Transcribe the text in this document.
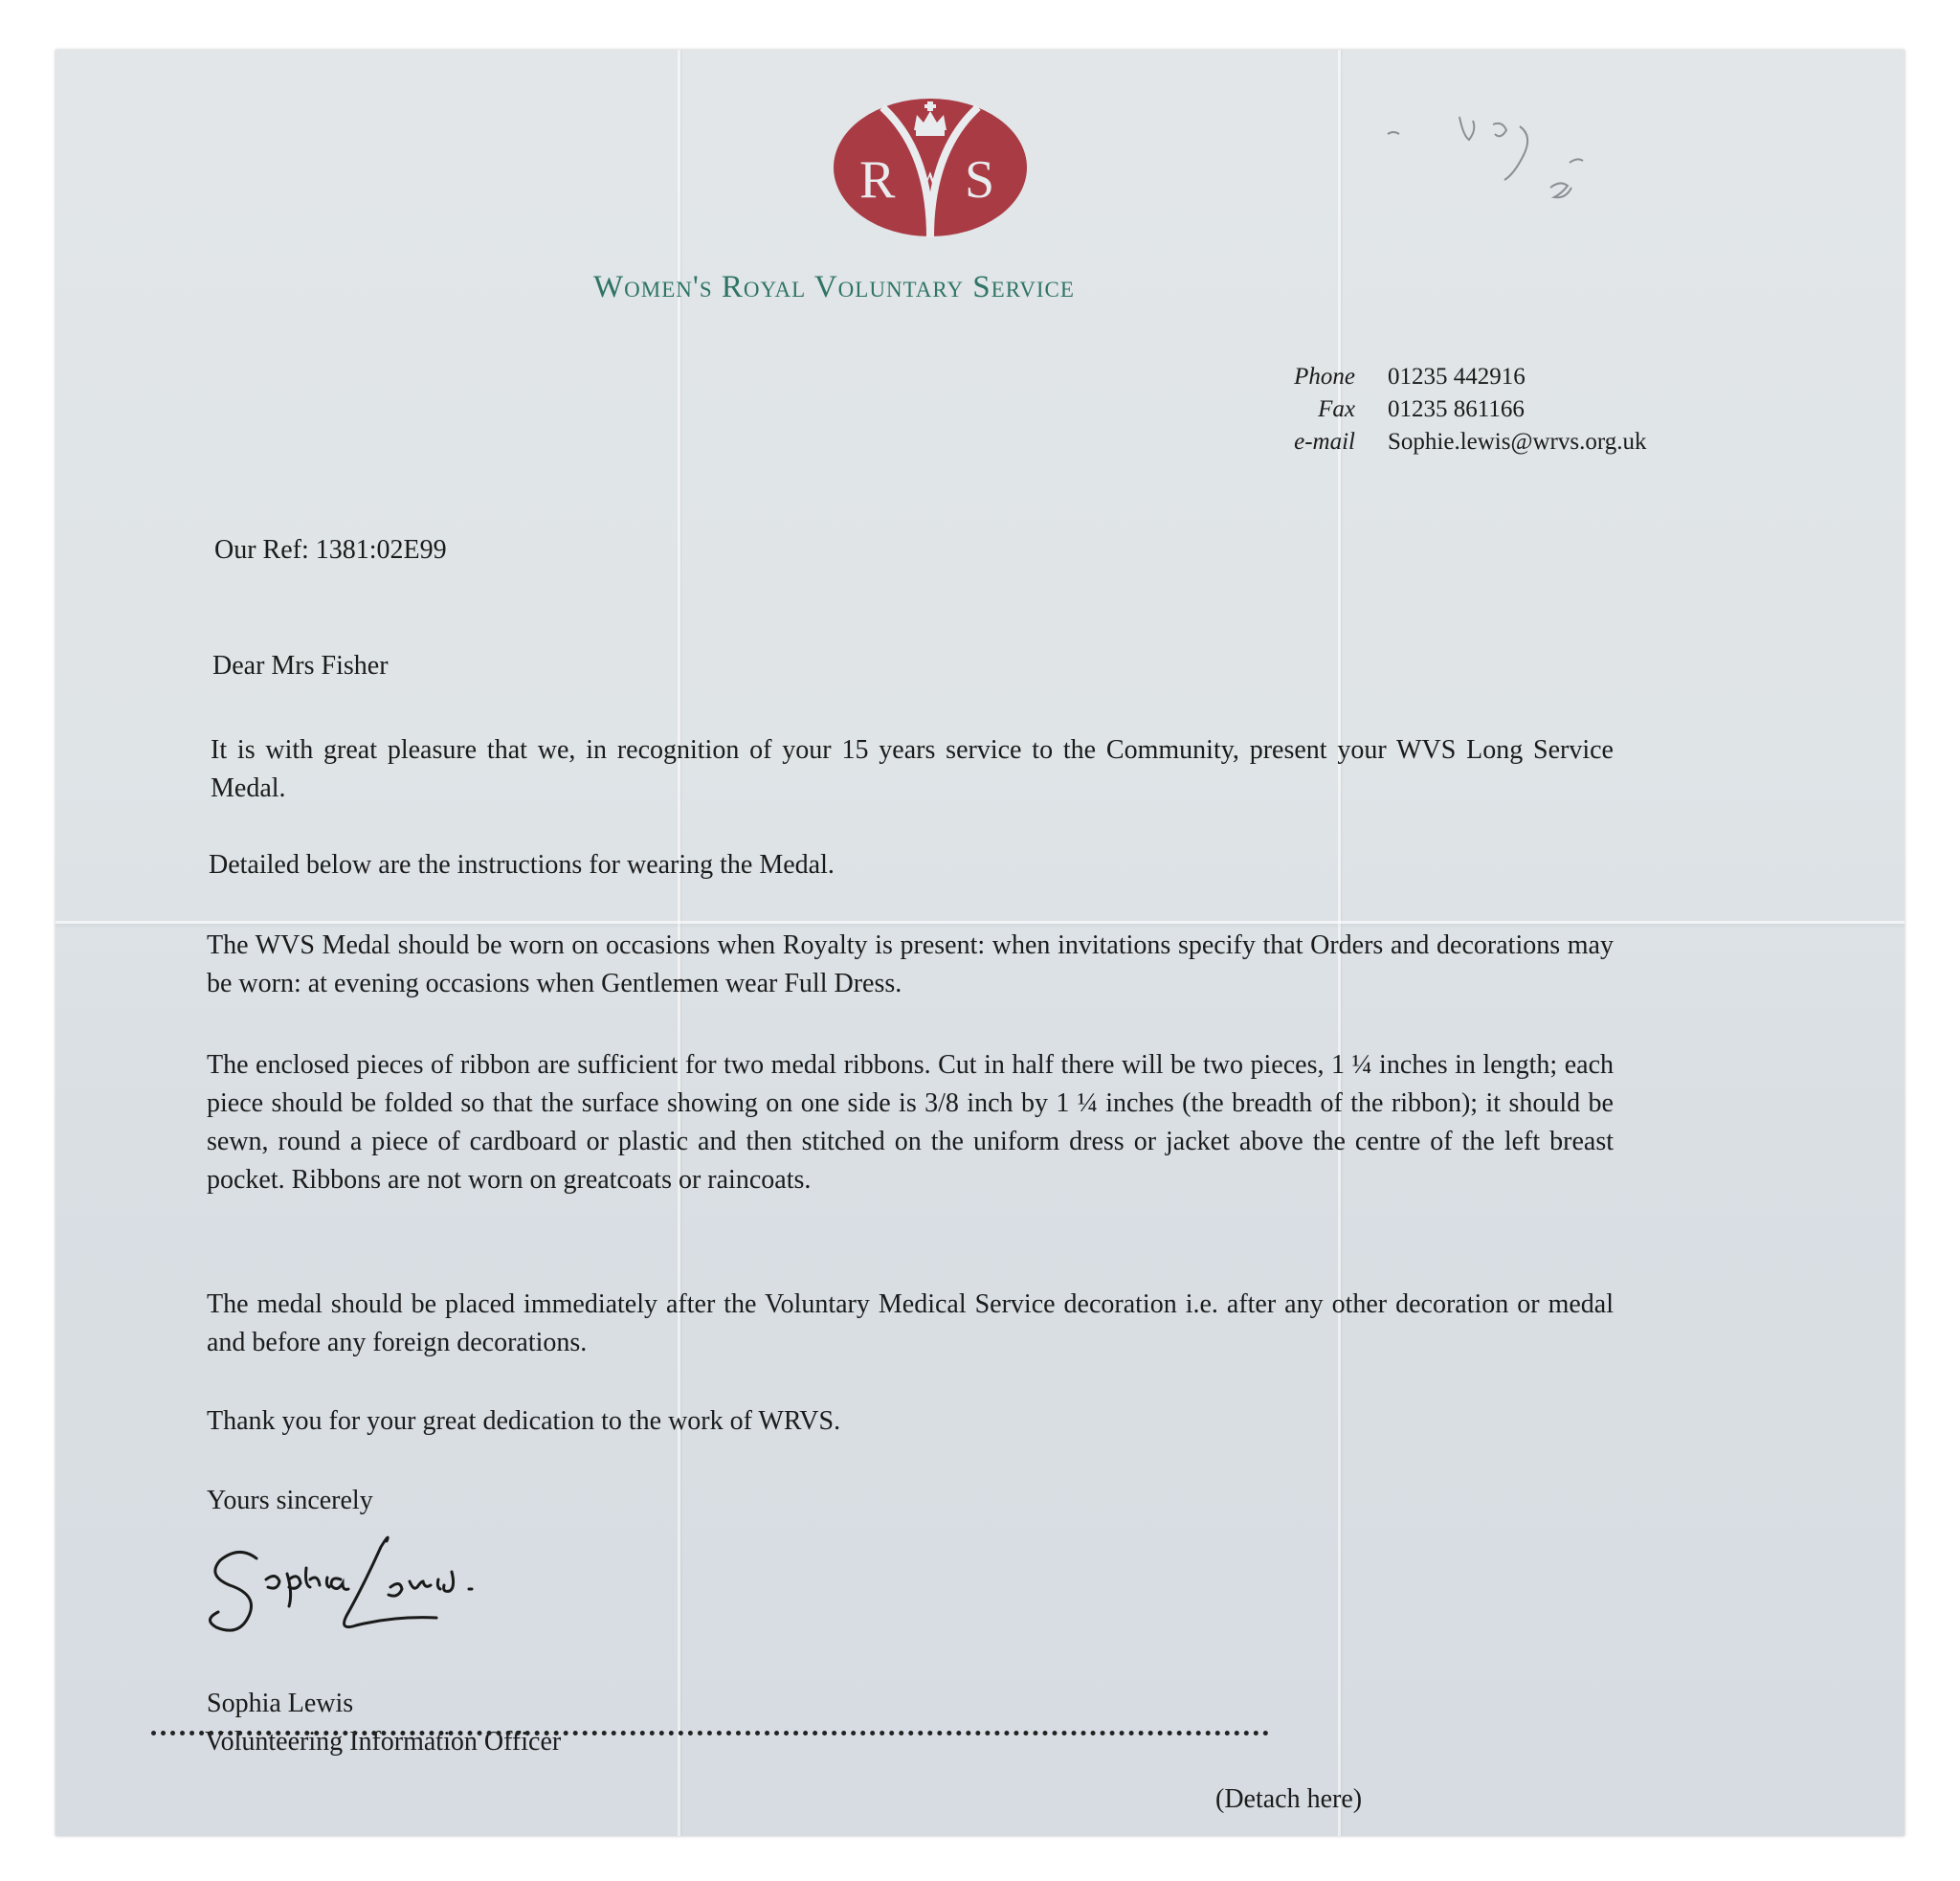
R W S
Women's Royal Voluntary Service
Phone 01235 442916
Fax 01235 861166
e-mail Sophie.lewis@wrvs.org.uk
Our Ref: 1381:02E99
Dear Mrs Fisher
It is with great pleasure that we, in recognition of your 15 years service to the Community, present your WVS Long Service Medal.
Detailed below are the instructions for wearing the Medal.
The WVS Medal should be worn on occasions when Royalty is present: when invitations specify that Orders and decorations may be worn: at evening occasions when Gentlemen wear Full Dress.
The enclosed pieces of ribbon are sufficient for two medal ribbons. Cut in half there will be two pieces, 1 ¼ inches in length; each piece should be folded so that the surface showing on one side is 3/8 inch by 1 ¼ inches (the breadth of the ribbon); it should be sewn, round a piece of cardboard or plastic and then stitched on the uniform dress or jacket above the centre of the left breast pocket. Ribbons are not worn on greatcoats or raincoats.
The medal should be placed immediately after the Voluntary Medical Service decoration i.e. after any other decoration or medal and before any foreign decorations.
Thank you for your great dedication to the work of WRVS.
Yours sincerely
Sophia Lewis
Volunteering Information Officer
(Detach here)
